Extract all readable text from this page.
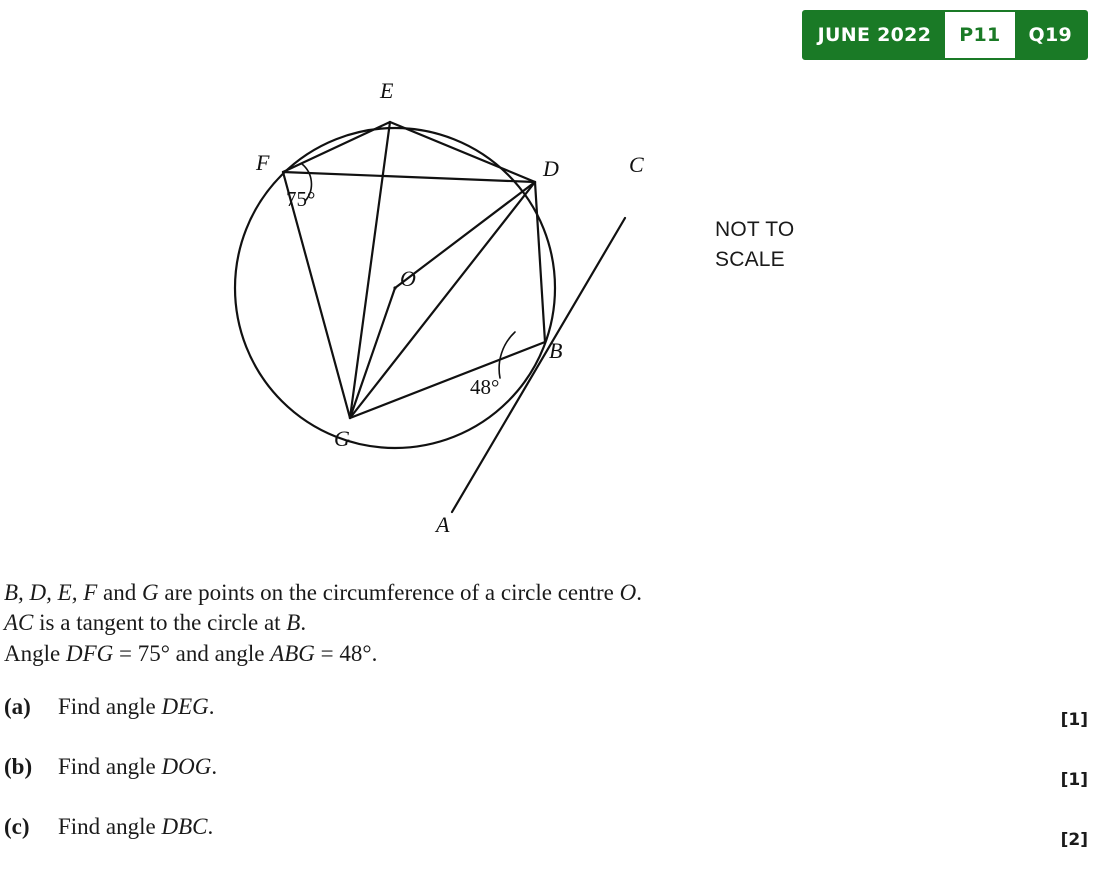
JUNE 2022	P11	Q19
E
F	D	C
B
G
O
A
75°
48°
NOT TO
SCALE
B, D, E, F and G are points on the circumference of a circle centre O.
AC is a tangent to the circle at B.
Angle DFG = 75° and angle ABG = 48°.
(a) Find angle DEG.
[1]
(b) Find angle DOG.
[1]
(c) Find angle DBC.
[2]
